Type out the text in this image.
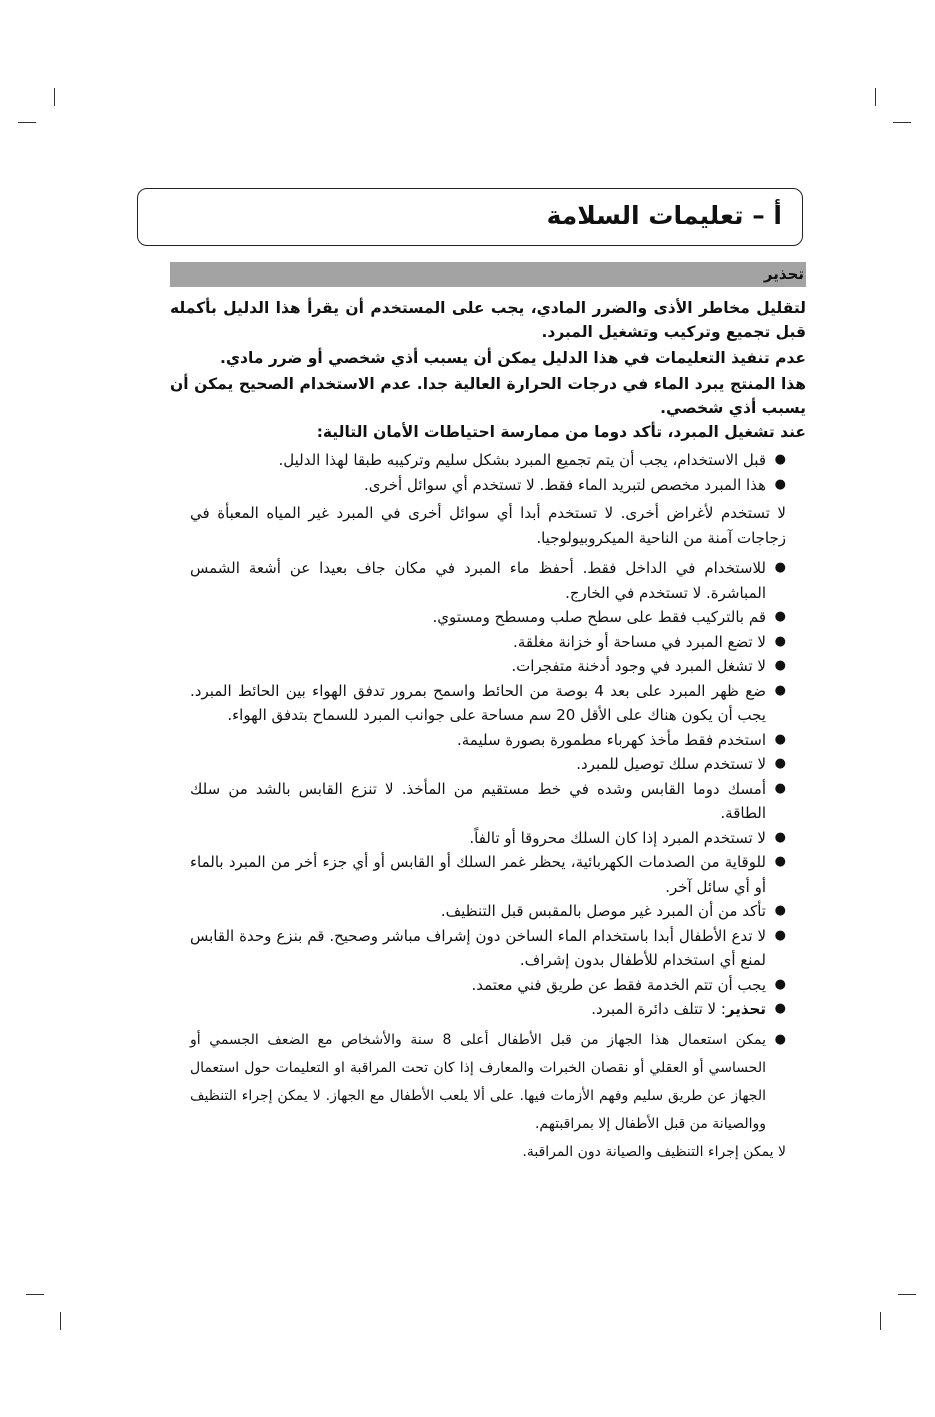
أ – تعليمات السلامة
تحذير

لتقليل مخاطر الأذى والضرر المادي، يجب على المستخدم أن يقرأ هذا الدليل بأكمله قبل تجميع وتركيب وتشغيل المبرد.

عدم تنفيذ التعليمات في هذا الدليل يمكن أن يسبب أذي شخصي أو ضرر مادي.

هذا المنتج يبرد الماء في درجات الحرارة العالية جدا. عدم الاستخدام الصحيح يمكن أن يسبب أذي شخصي.

عند تشغيل المبرد، تأكد دوما من ممارسة احتياطات الأمان التالية:

●
قبل الاستخدام، يجب أن يتم تجميع المبرد بشكل سليم وتركيبه طبقا لهذا الدليل.
●
هذا المبرد مخصص لتبريد الماء فقط. لا تستخدم أي سوائل أخرى.

لا تستخدم لأغراض أخرى. لا تستخدم أبدا أي سوائل أخرى في المبرد غير المياه المعبأة في زجاجات آمنة من الناحية الميكروبيولوجيا.

●
للاستخدام في الداخل فقط. أحفظ ماء المبرد في مكان جاف بعيدا عن أشعة الشمس المباشرة. لا تستخدم في الخارج.
●
قم بالتركيب فقط على سطح صلب ومسطح ومستوي.
●
لا تضع المبرد في مساحة أو خزانة مغلقة.
●
لا تشغل المبرد في وجود أدخنة متفجرات.
●
ضع ظهر المبرد على بعد 4 بوصة من الحائط واسمح بمرور تدفق الهواء بين الحائط المبرد. يجب أن يكون هناك على الأقل 20 سم مساحة على جوانب المبرد للسماح بتدفق الهواء.
●
استخدم فقط مأخذ كهرباء مطمورة بصورة سليمة.
●
لا تستخدم سلك توصيل للمبرد.
●
أمسك دوما القابس وشده في خط مستقيم من المأخذ. لا تنزع القابس بالشد من سلك الطاقة.
●
لا تستخدم المبرد إذا كان السلك محروقا أو تالفاً.
●
للوقاية من الصدمات الكهربائية، يحظر غمر السلك أو القابس أو أي جزء أخر من المبرد بالماء أو أي سائل آخر.
●
تأكد من أن المبرد غير موصل بالمقبس قبل التنظيف.
●
لا تدع الأطفال أبدا باستخدام الماء الساخن دون إشراف مباشر وصحيح. قم بنزع وحدة القابس لمنع أي استخدام للأطفال بدون إشراف.
●
يجب أن تتم الخدمة فقط عن طريق فني معتمد.
●
تحذير: لا تتلف دائرة المبرد.
●
يمكن استعمال هذا الجهاز من قبل الأطفال أعلى 8 سنة والأشخاص مع الضعف الجسمي أو الحساسي أو العقلي أو نقصان الخبرات والمعارف إذا كان تحت المراقبة او التعليمات حول استعمال الجهاز عن طريق سليم وفهم الأزمات فيها. على ألا يلعب الأطفال مع الجهاز. لا يمكن إجراء التنظيف ووالصيانة من قبل الأطفال إلا بمراقبتهم.

لا يمكن إجراء التنظيف والصيانة دون المراقبة.
